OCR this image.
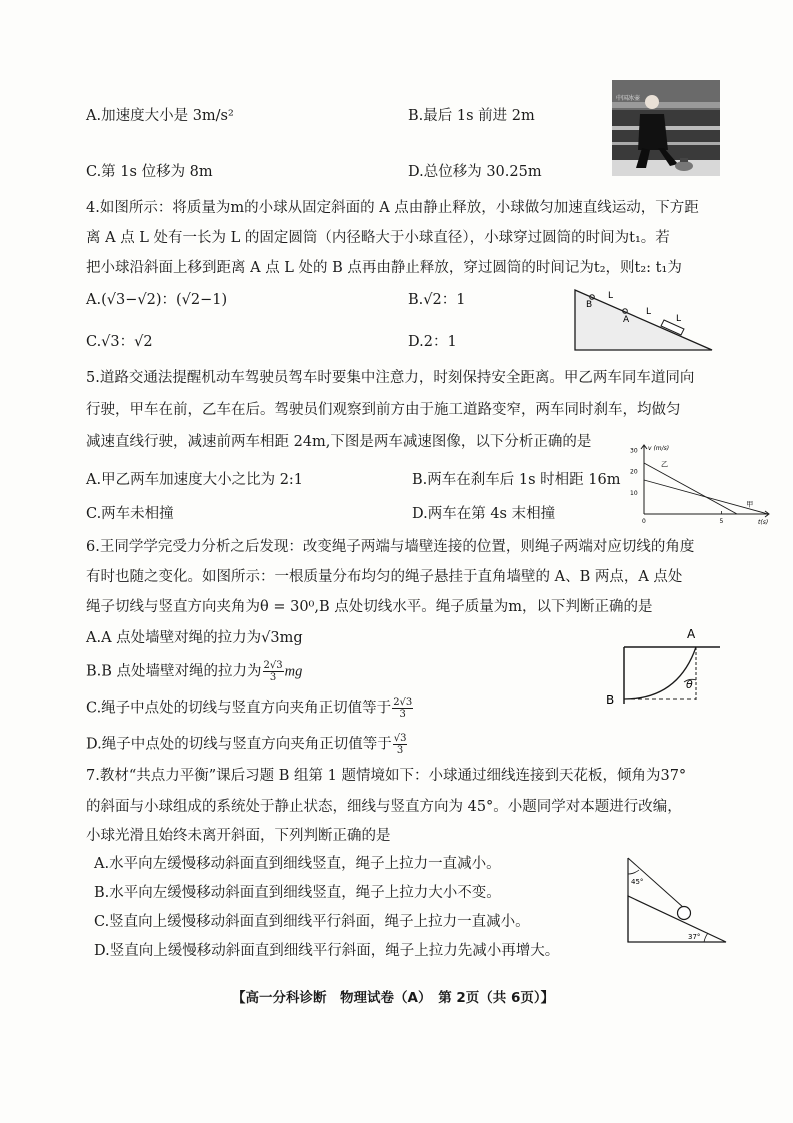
A.加速度大小是 3m/s²	B.最后 1s 前进 2m
C.第 1s 位移为 8m	D.总位移为 30.25m
中国冰壶
4.如图所示：将质量为m的小球从固定斜面的 A 点由静止释放，小球做匀加速直线运动，下方距
离 A 点 L 处有一长为 L 的固定圆筒（内径略大于小球直径），小球穿过圆筒的时间为t₁。若
把小球沿斜面上移到距离 A 点 L 处的 B 点再由静止释放，穿过圆筒的时间记为t₂，则t₂: t₁为
A.(√3−√2)：(√2−1)	B.√2：1
C.√3：√2	D.2：1
B
A
L
L
L
5.道路交通法提醒机动车驾驶员驾车时要集中注意力，时刻保持安全距离。甲乙两车同车道同向
行驶，甲车在前，乙车在后。驾驶员们观察到前方由于施工道路变窄，两车同时刹车，均做匀
减速直线行驶，减速前两车相距 24m,下图是两车减速图像，以下分析正确的是
A.甲乙两车加速度大小之比为 2:1	B.两车在刹车后 1s 时相距 16m
C.两车未相撞	D.两车在第 4s 末相撞
v (m/s)
t(s)
10
20
30
0	5
乙
甲
6.王同学学完受力分析之后发现：改变绳子两端与墙壁连接的位置，则绳子两端对应切线的角度
有时也随之变化。如图所示：一根质量分布均匀的绳子悬挂于直角墙壁的 A、B 两点，A 点处
绳子切线与竖直方向夹角为θ = 30⁰,B 点处切线水平。绳子质量为m，以下判断正确的是
A.A 点处墙壁对绳的拉力为√3mg
B.B 点处墙壁对绳的拉力为 $\frac{2√3}{3}$ mg
C.绳子中点处的切线与竖直方向夹角正切值等于 $\frac{2√3}{3}$
D.绳子中点处的切线与竖直方向夹角正切值等于 $\frac{√3}{3}$
A
B
θ
7.教材“共点力平衡”课后习题 B 组第 1 题情境如下：小球通过细线连接到天花板，倾角为37°
的斜面与小球组成的系统处于静止状态，细线与竖直方向为 45°。小题同学对本题进行改编，
小球光滑且始终未离开斜面，下列判断正确的是
A.水平向左缓慢移动斜面直到细线竖直，绳子上拉力一直减小。
B.水平向左缓慢移动斜面直到细线竖直，绳子上拉力大小不变。
C.竖直向上缓慢移动斜面直到细线平行斜面，绳子上拉力一直减小。
D.竖直向上缓慢移动斜面直到细线平行斜面，绳子上拉力先减小再增大。
45°
37°
【高一分科诊断　物理试卷（A）　第 2页（共 6页）】
